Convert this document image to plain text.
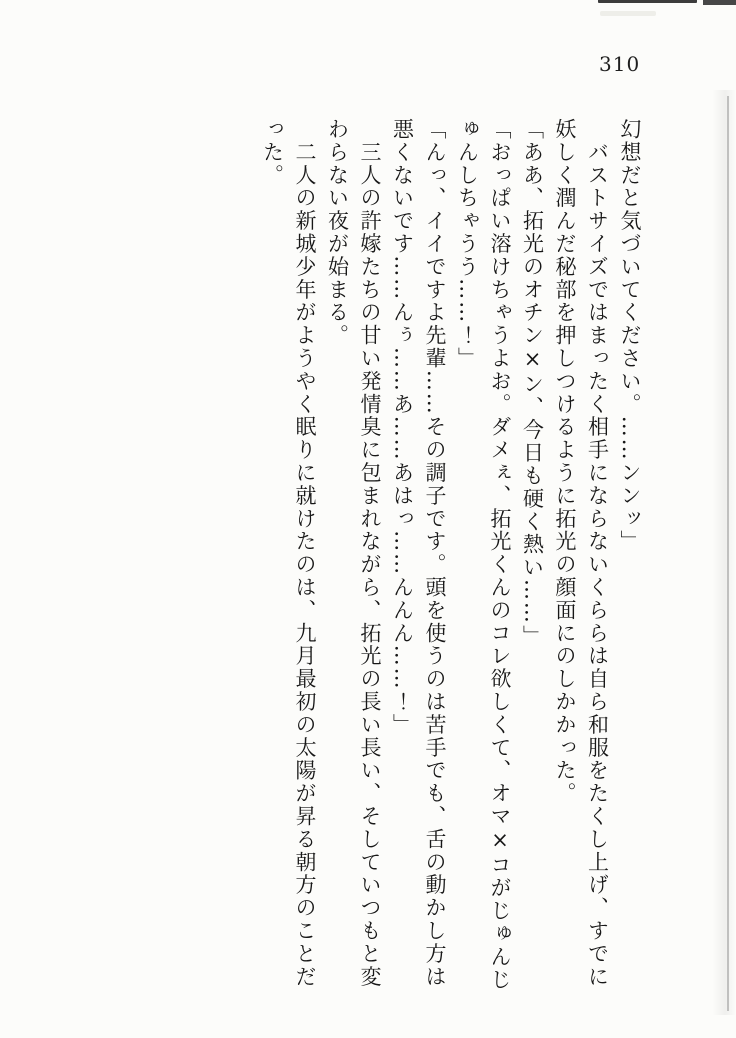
310
幻想だと気づいてください。……ンンッ」
　バストサイズではまったく相手にならないくららは自ら和服をたくし上げ、すでに
妖しく潤んだ秘部を押しつけるように拓光の顔面にのしかかった。
「ああ、拓光のオチン×ン、今日も硬く熱い……」
「おっぱい溶けちゃうよお。ダメぇ、拓光くんのコレ欲しくて、オマ×コがじゅんじ
ゅんしちゃうう……！」
「んっ、イイですよ先輩……その調子です。頭を使うのは苦手でも、舌の動かし方は
悪くないです……んぅ……あ……あはっ……んんん……！」
　三人の許嫁たちの甘い発情臭に包まれながら、拓光の長い長い、そしていつもと変
わらない夜が始まる。
　二人の新城少年がようやく眠りに就けたのは、九月最初の太陽が昇る朝方のことだ
った。
